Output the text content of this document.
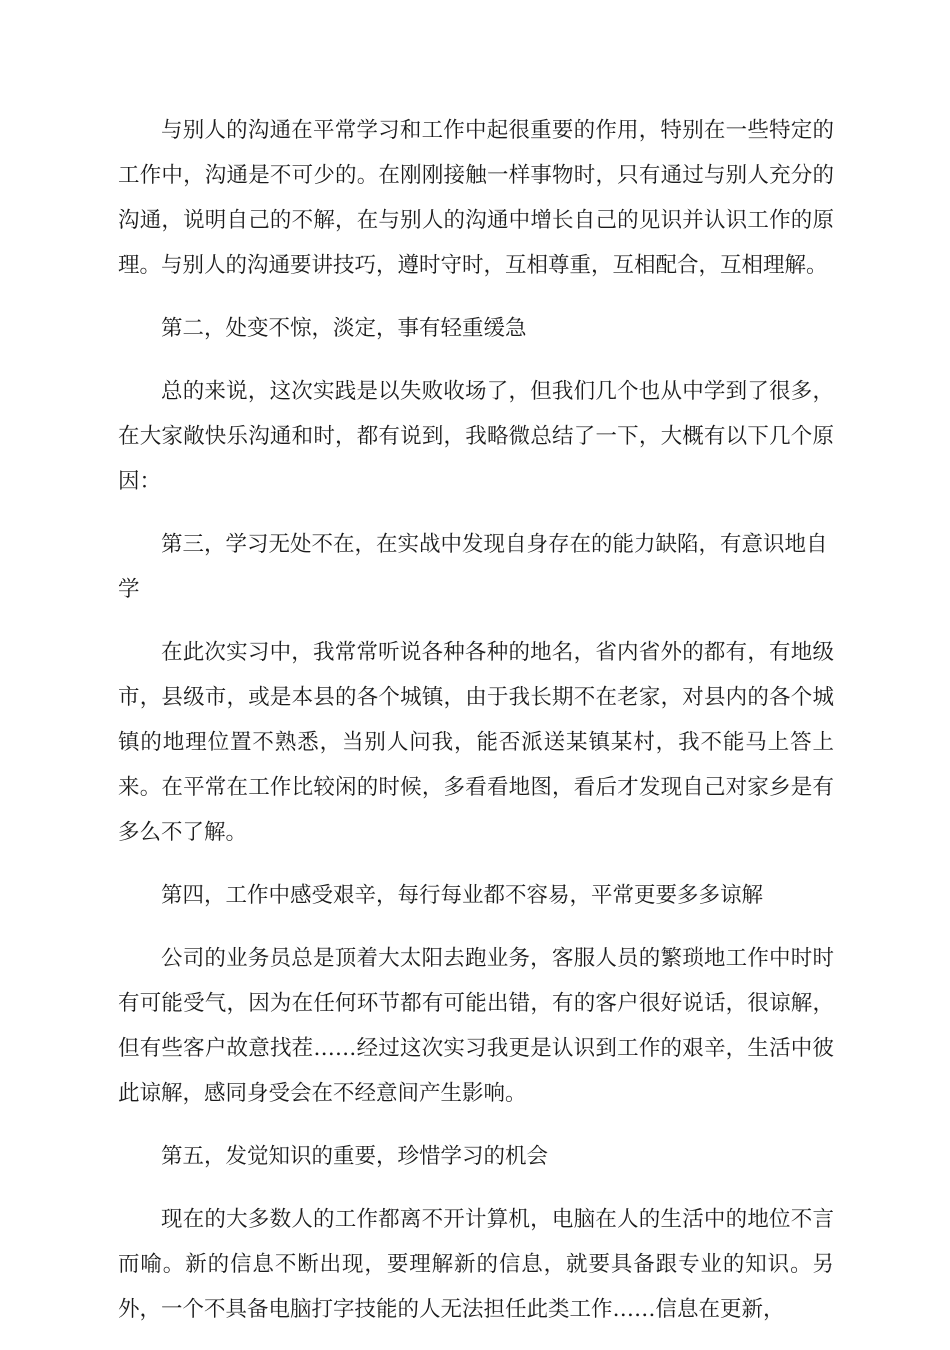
与别人的沟通在平常学习和工作中起很重要的作用，特别在一些特定的工作中，沟通是不可少的。在刚刚接触一样事物时，只有通过与别人充分的沟通，说明自己的不解，在与别人的沟通中增长自己的见识并认识工作的原理。与别人的沟通要讲技巧，遵时守时，互相尊重，互相配合，互相理解。

第二，处变不惊，淡定，事有轻重缓急

总的来说，这次实践是以失败收场了，但我们几个也从中学到了很多，在大家敞快乐沟通和时，都有说到，我略微总结了一下，大概有以下几个原因：

第三，学习无处不在，在实战中发现自身存在的能力缺陷，有意识地自学

在此次实习中，我常常听说各种各种的地名，省内省外的都有，有地级市，县级市，或是本县的各个城镇，由于我长期不在老家，对县内的各个城镇的地理位置不熟悉，当别人问我，能否派送某镇某村，我不能马上答上来。在平常在工作比较闲的时候，多看看地图，看后才发现自己对家乡是有多么不了解。

第四，工作中感受艰辛，每行每业都不容易，平常更要多多谅解

公司的业务员总是顶着大太阳去跑业务，客服人员的繁琐地工作中时时有可能受气，因为在任何环节都有可能出错，有的客户很好说话，很谅解，但有些客户故意找茬……经过这次实习我更是认识到工作的艰辛，生活中彼此谅解，感同身受会在不经意间产生影响。

第五，发觉知识的重要，珍惜学习的机会

现在的大多数人的工作都离不开计算机，电脑在人的生活中的地位不言而喻。新的信息不断出现，要理解新的信息，就要具备跟专业的知识。另外，一个不具备电脑打字技能的人无法担任此类工作……信息在更新，
